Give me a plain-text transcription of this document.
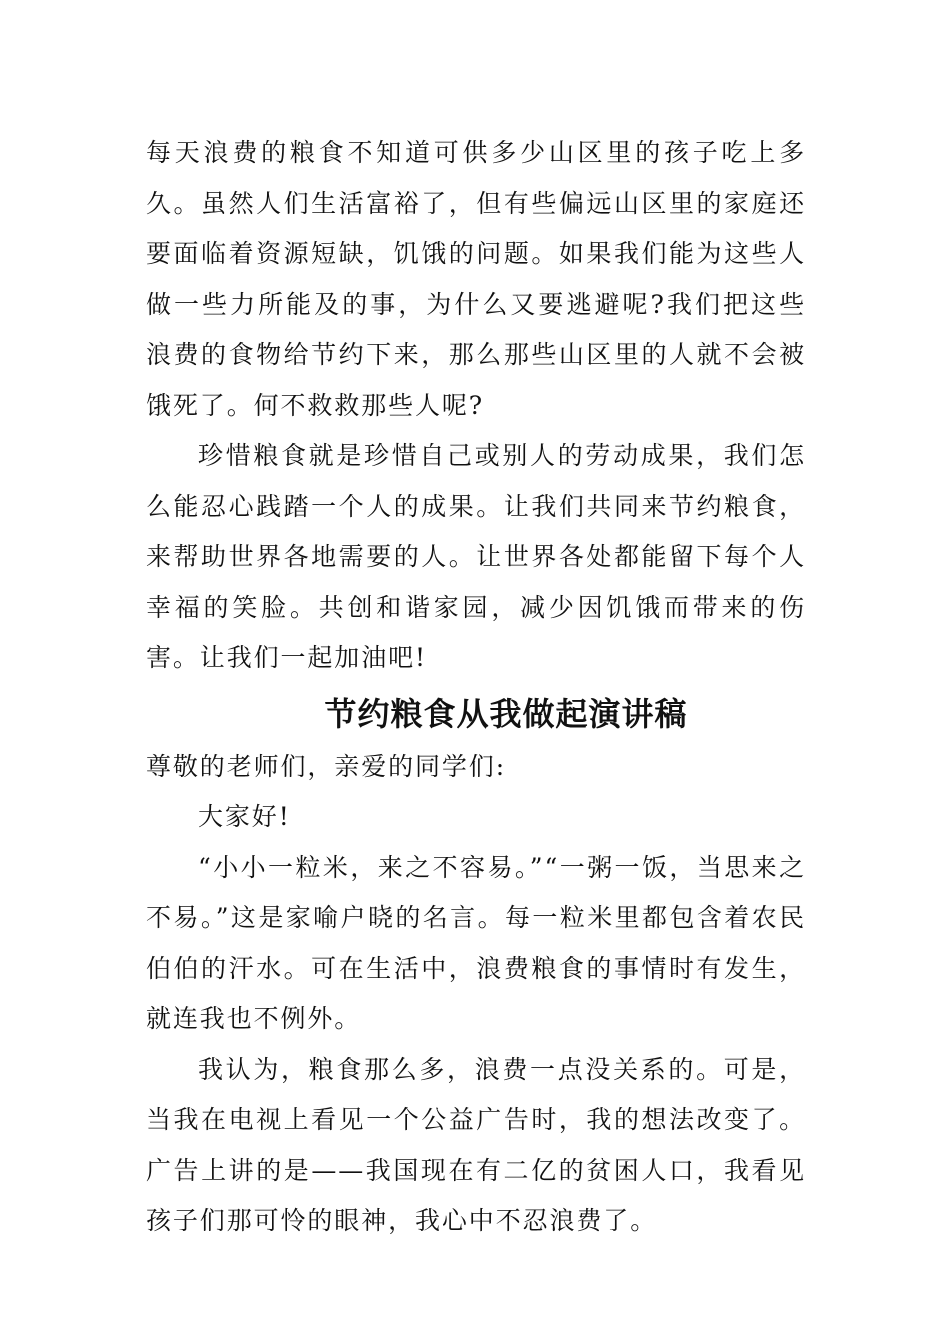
每天浪费的粮食不知道可供多少山区里的孩子吃上多久。虽然人们生活富裕了，但有些偏远山区里的家庭还要面临着资源短缺，饥饿的问题。如果我们能为这些人做一些力所能及的事，为什么又要逃避呢?我们把这些浪费的食物给节约下来，那么那些山区里的人就不会被饿死了。何不救救那些人呢?

珍惜粮食就是珍惜自己或别人的劳动成果，我们怎么能忍心践踏一个人的成果。让我们共同来节约粮食，来帮助世界各地需要的人。让世界各处都能留下每个人幸福的笑脸。共创和谐家园，减少因饥饿而带来的伤害。让我们一起加油吧!

节约粮食从我做起演讲稿

尊敬的老师们，亲爱的同学们:

大家好!

“小小一粒米，来之不容易。”“一粥一饭，当思来之不易。”这是家喻户晓的名言。每一粒米里都包含着农民伯伯的汗水。可在生活中，浪费粮食的事情时有发生，就连我也不例外。

我认为，粮食那么多，浪费一点没关系的。可是，当我在电视上看见一个公益广告时，我的想法改变了。广告上讲的是——我国现在有二亿的贫困人口，我看见孩子们那可怜的眼神，我心中不忍浪费了。
